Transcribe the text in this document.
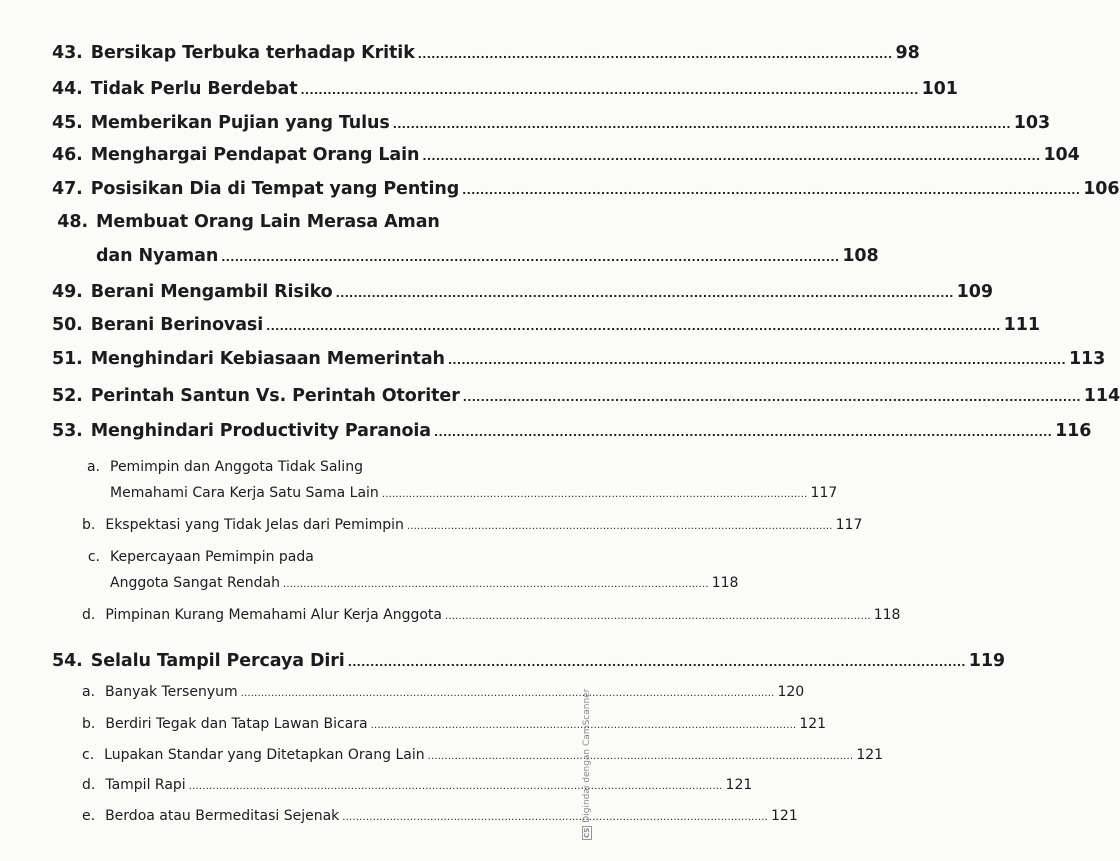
43. Bersikap Terbuka terhadap Kritik .......................................................................................................... 98
44. Tidak Perlu Berdebat .......................................................................................................................................... 101
45. Memberikan Pujian yang Tulus .......................................................................................................................................... 103
46. Menghargai Pendapat Orang Lain .......................................................................................................................................... 104
47. Posisikan Dia di Tempat yang Penting .......................................................................................................................................... 106
48. Membuat Orang Lain Merasa Aman
dan Nyaman .......................................................................................................................................... 108
49. Berani Mengambil Risiko .......................................................................................................................................... 109
50. Berani Berinovasi .................................................................................................................................................................... 111
51. Menghindari Kebiasaan Memerintah .......................................................................................................................................... 113
52. Perintah Santun Vs. Perintah Otoriter .......................................................................................................................................... 114
53. Menghindari Productivity Paranoia .......................................................................................................................................... 116
a. Pemimpin dan Anggota Tidak Saling
Memahami Cara Kerja Satu Sama Lain .............................................................................................................................. 117
b. Ekspektasi yang Tidak Jelas dari Pemimpin .............................................................................................................................. 117
c. Kepercayaan Pemimpin pada
Anggota Sangat Rendah .............................................................................................................................. 118
d. Pimpinan Kurang Memahami Alur Kerja Anggota .............................................................................................................................. 118
54. Selalu Tampil Percaya Diri .......................................................................................................................................... 119
a. Banyak Tersenyum .............................................................................................................................................................. 120
b. Berdiri Tegak dan Tatap Lawan Bicara .............................................................................................................................. 121
c. Lupakan Standar yang Ditetapkan Orang Lain .............................................................................................................................. 121
d. Tampil Rapi .............................................................................................................................................................. 121
e. Berdoa atau Bermeditasi Sejenak .............................................................................................................................. 121
CSDigindai dengan CamScanner
